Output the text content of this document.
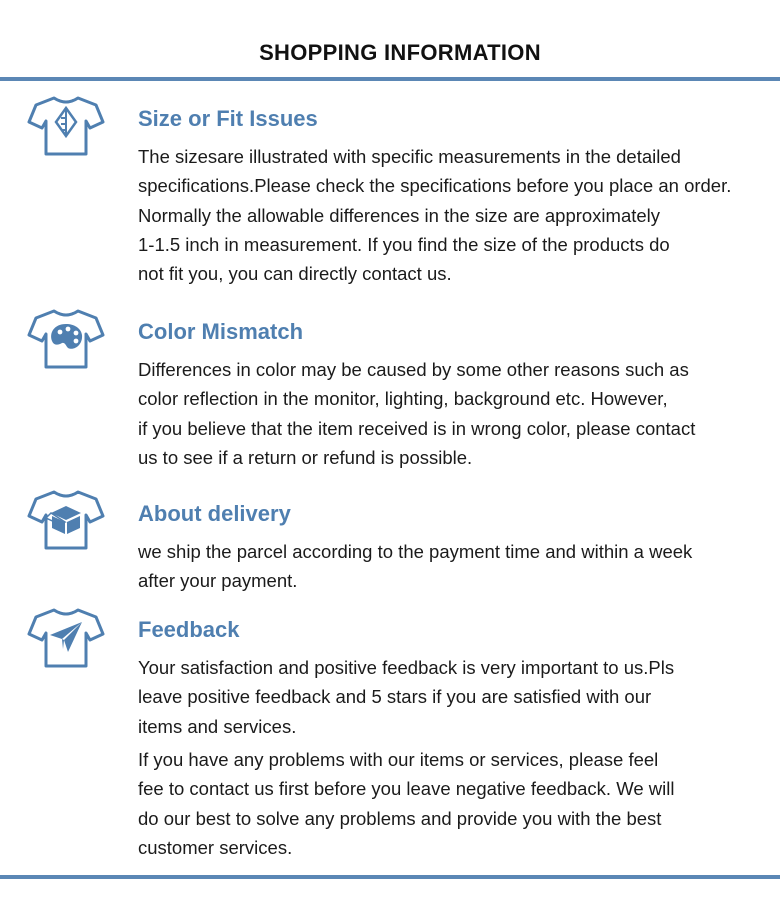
SHOPPING INFORMATION
Size or Fit Issues
The sizesare illustrated with specific measurements in the detailed
specifications.Please check the specifications before you place an order.
Normally the allowable differences in the size are approximately
1-1.5 inch in measurement. If you find the size of the products do
not fit you, you can directly contact us.
Color Mismatch
Differences in color may be caused by some other reasons such as
color reflection in the monitor, lighting, background etc. However,
if you believe that the item received is in wrong color, please contact
us to see if a return or refund is possible.
About delivery
we ship the parcel according to the payment time and within a week
after your payment.
Feedback
Your satisfaction and positive feedback is very important to us.Pls
leave positive feedback and 5 stars if you are satisfied with our
items and services.
If you have any problems with our items or services, please feel
fee to contact us first before you leave negative feedback. We will
do our best to solve any problems and provide you with the best
customer services.
